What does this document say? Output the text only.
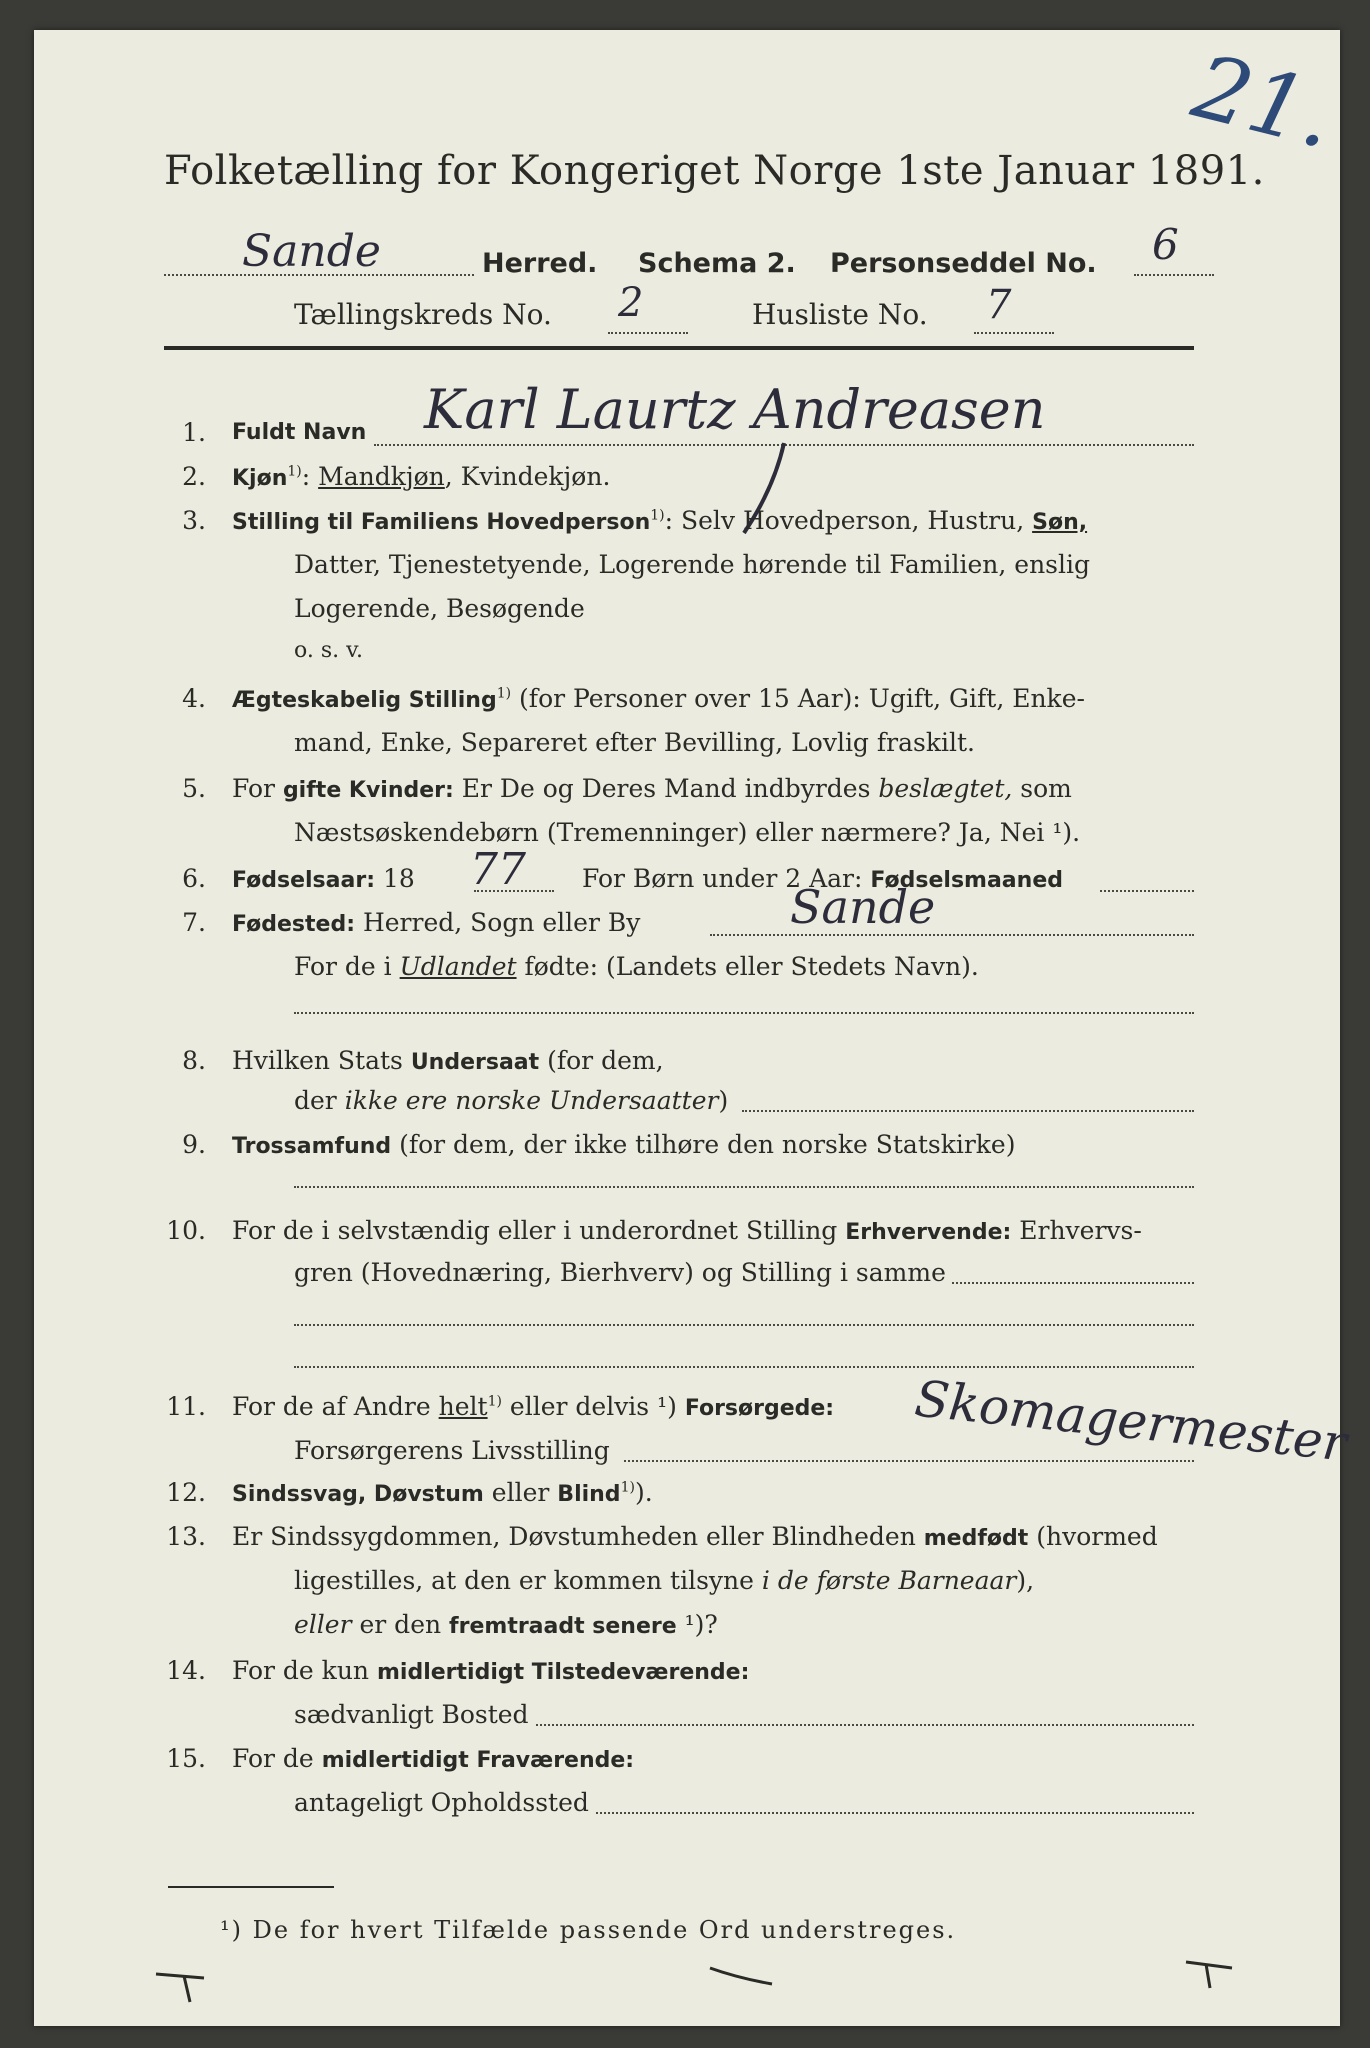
21.
Folketælling for Kongeriget Norge 1ste Januar 1891.
Sande	Herred. Schema 2. Personseddel No. 6
Tællingskreds No. 2	Husliste No. 7
1. Fuldt Navn Karl Laurtz Andreasen
2. Kjøn$^{1)}$: Mandkjøn, Kvindekjøn.
3. Stilling til Familiens Hovedperson$^{1)}$: Selv Hovedperson, Hustru, Søn,
Datter, Tjenestetyende, Logerende hørende til Familien, enslig
Logerende, Besøgende
o. s. v.
4. Ægteskabelig Stilling$^{1)}$ (for Personer over 15 Aar): Ugift, Gift, Enke-
mand, Enke, Separeret efter Bevilling, Lovlig fraskilt.
5. For gifte Kvinder: Er De og Deres Mand indbyrdes beslægtet, som
Næstsøskendebørn (Tremenninger) eller nærmere? Ja, Nei ¹).
6. Fødselsaar: 18 77 For Børn under 2 Aar: Fødselsmaaned
7. Fødested: Herred, Sogn eller By	Sande
For de i Udlandet fødte: (Landets eller Stedets Navn).
8. Hvilken Stats Undersaat (for dem,
der ikke ere norske Undersaatter)
9. Trossamfund (for dem, der ikke tilhøre den norske Statskirke)
10. For de i selvstændig eller i underordnet Stilling Erhvervende: Erhvervs-
gren (Hovednæring, Bierhverv) og Stilling i samme
11. For de af Andre helt$^{1)}$ eller delvis ¹) Forsørgede:
Forsørgerens Livsstilling	Skomagermester
12. Sindssvag, Døvstum eller Blind$^{1)}$).
13. Er Sindssygdommen, Døvstumheden eller Blindheden medfødt (hvormed
ligestilles, at den er kommen tilsyne i de første Barneaar),
eller er den fremtraadt senere ¹)?
14. For de kun midlertidigt Tilstedeværende:
sædvanligt Bosted
15. For de midlertidigt Fraværende:
antageligt Opholdssted
¹) De for hvert Tilfælde passende Ord understreges.
